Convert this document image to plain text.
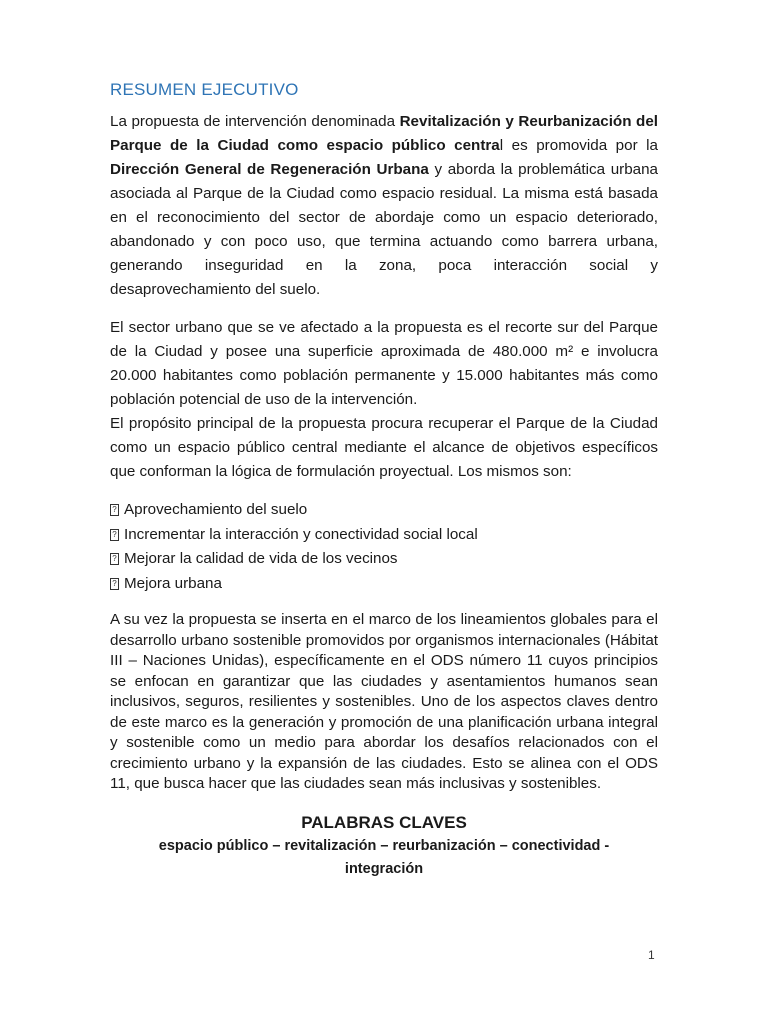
RESUMEN EJECUTIVO

La propuesta de intervención denominada Revitalización y Reurbanización del Parque de la Ciudad como espacio público central es promovida por la Dirección General de Regeneración Urbana y aborda la problemática urbana asociada al Parque de la Ciudad como espacio residual. La misma está basada en el reconocimiento del sector de abordaje como un espacio deteriorado, abandonado y con poco uso, que termina actuando como barrera urbana, generando inseguridad en la zona, poca interacción social y desaprovechamiento del suelo.

El sector urbano que se ve afectado a la propuesta es el recorte sur del Parque de la Ciudad y posee una superficie aproximada de 480.000 m² e involucra 20.000 habitantes como población permanente y 15.000 habitantes más como población potencial de uso de la intervención.

El propósito principal de la propuesta procura recuperar el Parque de la Ciudad como un espacio público central mediante el alcance de objetivos específicos que conforman la lógica de formulación proyectual. Los mismos son:

? Aprovechamiento del suelo
? Incrementar la interacción y conectividad social local
? Mejorar la calidad de vida de los vecinos
? Mejora urbana

A su vez la propuesta se inserta en el marco de los lineamientos globales para el desarrollo urbano sostenible promovidos por organismos internacionales (Hábitat III – Naciones Unidas), específicamente en el ODS número 11 cuyos principios se enfocan en garantizar que las ciudades y asentamientos humanos sean inclusivos, seguros, resilientes y sostenibles. Uno de los aspectos claves dentro de este marco es la generación y promoción de una planificación urbana integral y sostenible como un medio para abordar los desafíos relacionados con el crecimiento urbano y la expansión de las ciudades. Esto se alinea con el ODS 11, que busca hacer que las ciudades sean más inclusivas y sostenibles.

PALABRAS CLAVES

espacio público – revitalización – reurbanización – conectividad -

integración

1
